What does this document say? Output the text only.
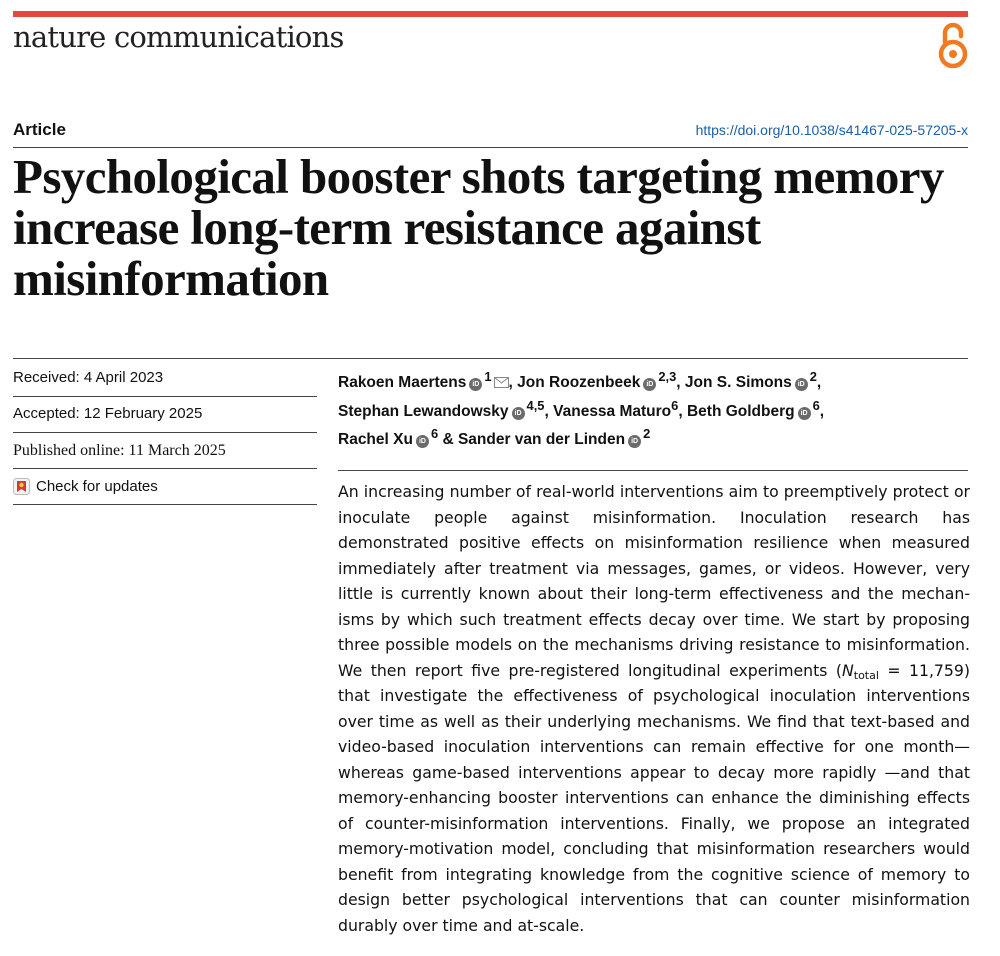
nature communications
Article	https://doi.org/10.1038/s41467-025-57205-x
Psychological booster shots targeting memory increase long-term resistance against misinformation
Received: 4 April 2023
Accepted: 12 February 2025
Published online: 11 March 2025
Check for updates
Rakoen Maertens $iD^1$ , Jon Roozenbeek iD$^{2,3}$, Jon S. Simons $iD^2$,
Stephan Lewandowsky iD$^{4,5}$, Vanessa Maturo$^6$, Beth Goldberg $iD^6$,
Rachel Xu $iD^6$ & Sander van der Linden $iD^2$

An increasing number of real-world interventions aim to preemptively protect or inoculate people against misinformation. Inoculation research has demonstrated positive effects on misinformation resilience when measured immediately after treatment via messages, games, or videos. However, very little is currently known about their long-term effectiveness and the mechanisms by which such treatment effects decay over time. We start by proposing three possible models on the mechanisms driving resistance to misinformation. We then report five pre-registered longitudinal experiments $(N_{total} = 11,759)$ that investigate the effectiveness of psychological inoculation interventions over time as well as their underlying mechanisms. We find that text-based and video-based inoculation interventions can remain effective for one month—whereas game-based interventions appear to decay more rapidly —and that memory-enhancing booster interventions can enhance the diminishing effects of counter-misinformation interventions. Finally, we propose an integrated memory-motivation model, concluding that misinformation researchers would benefit from integrating knowledge from the cognitive science of memory to design better psychological interventions that can counter misinformation durably over time and at-scale.
